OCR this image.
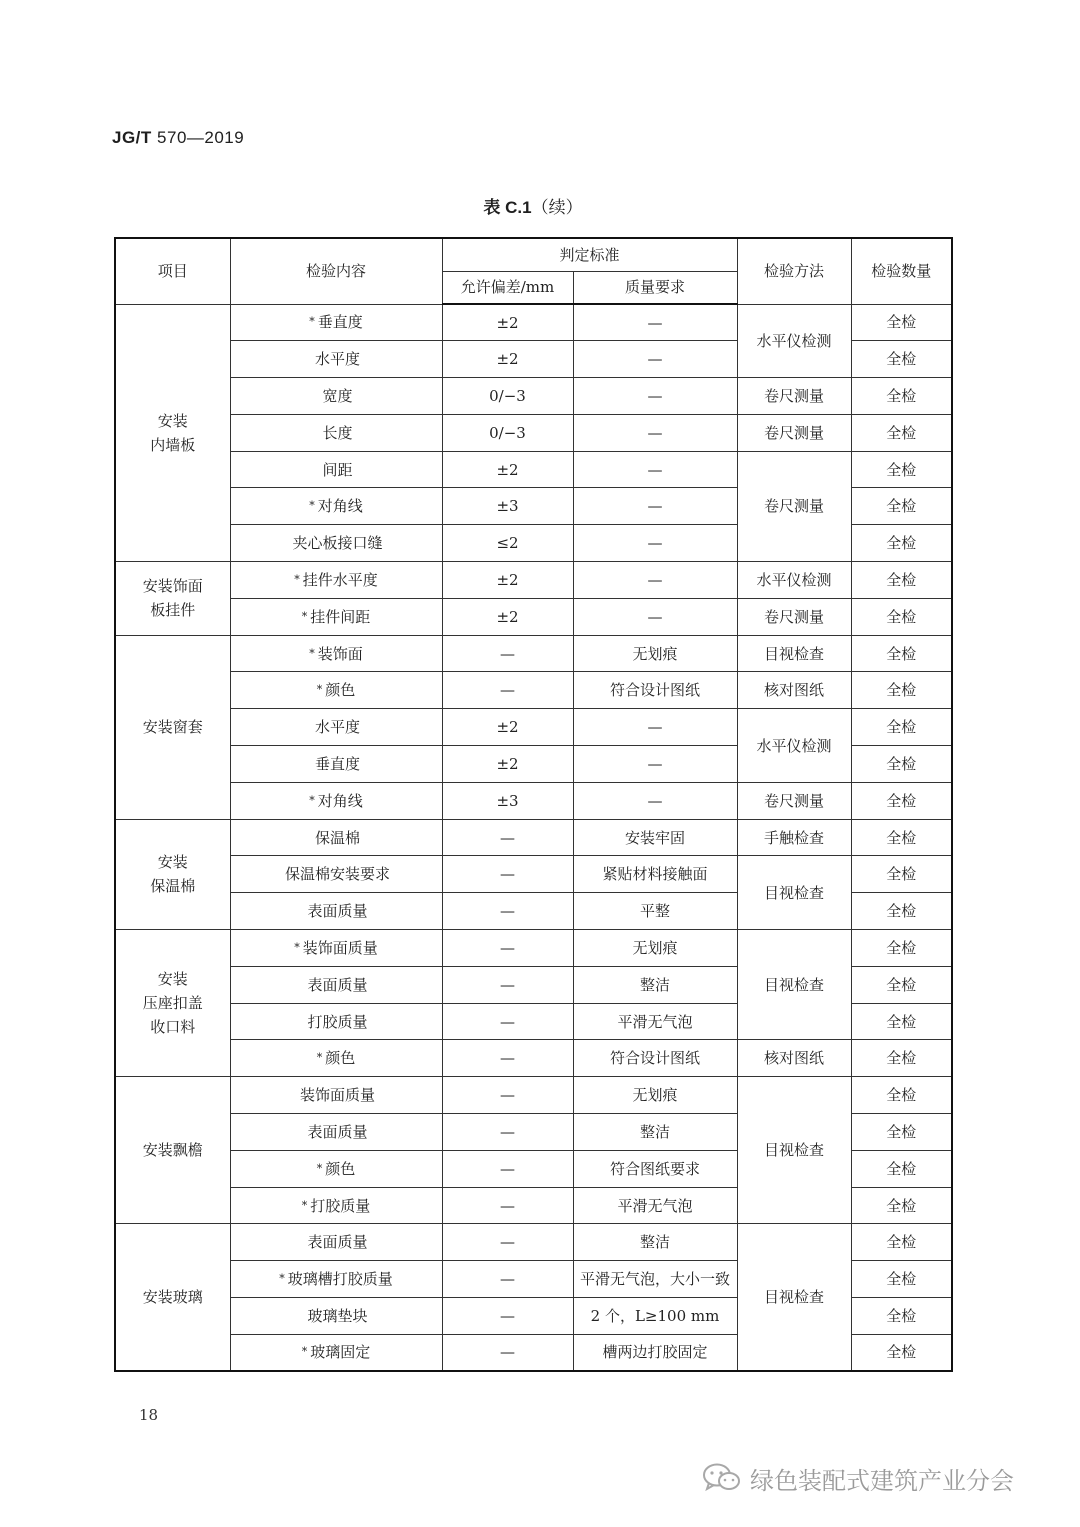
JG/T 570—2019
表 C.1（续）
项目	检验内容	判定标准		检验方法	检验数量
		允许偏差/mm	质量要求		

安装
内墙板	* 垂直度	±2	—	水平仪检测	全检
	水平度	±2	—		全检
	宽度	0/−3	—	卷尺测量	全检
	长度	0/−3	—	卷尺测量	全检
	间距	±2	—	卷尺测量	全检
	* 对角线	±3	—		全检
	夹心板接口缝	≤2	—		全检

安装饰面
板挂件	* 挂件水平度	±2	—	水平仪检测	全检
	* 挂件间距	±2	—	卷尺测量	全检

安装窗套	* 装饰面	—	无划痕	目视检查	全检
	* 颜色	—	符合设计图纸	核对图纸	全检
	水平度	±2	—	水平仪检测	全检
	垂直度	±2	—		全检
	* 对角线	±3	—	卷尺测量	全检

安装
保温棉	保温棉	—	安装牢固	手触检查	全检
	保温棉安装要求	—	紧贴材料接触面	目视检查	全检
	表面质量	—	平整		全检

安装
压座扣盖
收口料	* 装饰面质量	—	无划痕	目视检查	全检
	表面质量	—	整洁		全检
	打胶质量	—	平滑无气泡		全检
	* 颜色	—	符合设计图纸	核对图纸	全检

安装飘檐	装饰面质量	—	无划痕	目视检查	全检
	表面质量	—	整洁		全检
	* 颜色	—	符合图纸要求		全检
	* 打胶质量	—	平滑无气泡		全检

安装玻璃	表面质量	—	整洁	目视检查	全检
	* 玻璃槽打胶质量	—	平滑无气泡，大小一致		全检
	玻璃垫块	—	2 个，L≥100 mm		全检
	* 玻璃固定	—	槽两边打胶固定		全检
18
绿色装配式建筑产业分会
